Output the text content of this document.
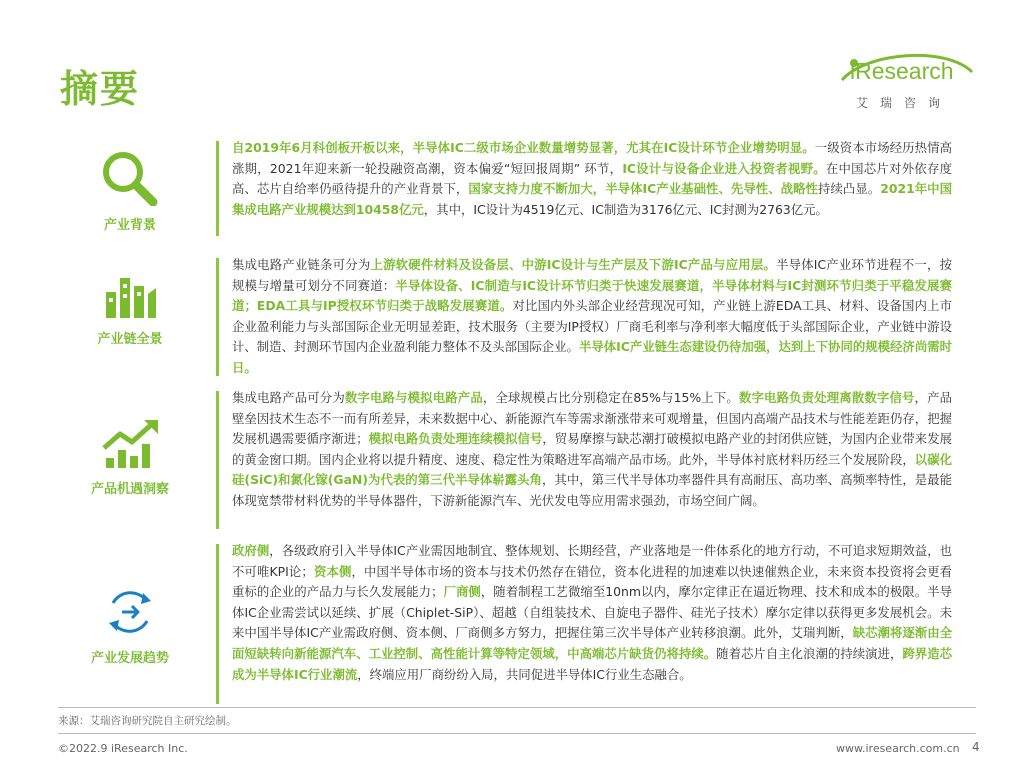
摘要	iResearch
艾瑞咨询
产业背景
自2019年6月科创板开板以来，半导体IC二级市场企业数量增势显著，尤其在IC设计环节企业增势明显。一级资本市场经历热情高涨期，2021年迎来新一轮投融资高潮，资本偏爱“短回报周期” 环节，IC设计与设备企业进入投资者视野。在中国芯片对外依存度高、芯片自给率仍亟待提升的产业背景下，国家支持力度不断加大，半导体IC产业基础性、先导性、战略性持续凸显。2021年中国集成电路产业规模达到10458亿元，其中，IC设计为4519亿元、IC制造为3176亿元、IC封测为2763亿元。
产业链全景
集成电路产业链条可分为上游软硬件材料及设备层、中游IC设计与生产层及下游IC产品与应用层。半导体IC产业环节进程不一，按规模与增量可划分不同赛道：半导体设备、IC制造与IC设计环节归类于快速发展赛道，半导体材料与IC封测环节归类于平稳发展赛道；EDA工具与IP授权环节归类于战略发展赛道。对比国内外头部企业经营现况可知，产业链上游EDA工具、材料、设备国内上市企业盈利能力与头部国际企业无明显差距，技术服务（主要为IP授权）厂商毛利率与净利率大幅度低于头部国际企业，产业链中游设计、制造、封测环节国内企业盈利能力整体不及头部国际企业。半导体IC产业链生态建设仍待加强，达到上下协同的规模经济尚需时日。
产品机遇洞察
集成电路产品可分为数字电路与模拟电路产品，全球规模占比分别稳定在85%与15%上下。数字电路负责处理离散数字信号，产品壁垒因技术生态不一而有所差异，未来数据中心、新能源汽车等需求渐涨带来可观增量，但国内高端产品技术与性能差距仍存，把握发展机遇需要循序渐进；模拟电路负责处理连续模拟信号，贸易摩擦与缺芯潮打破模拟电路产业的封闭供应链，为国内企业带来发展的黄金窗口期。国内企业将以提升精度、速度、稳定性为策略进军高端产品市场。此外，半导体衬底材料历经三个发展阶段，以碳化硅(SiC)和氮化镓(GaN)为代表的第三代半导体崭露头角，其中，第三代半导体功率器件具有高耐压、高功率、高频率特性，是最能体现宽禁带材料优势的半导体器件，下游新能源汽车、光伏发电等应用需求强劲，市场空间广阔。
产业发展趋势
政府侧，各级政府引入半导体IC产业需因地制宜、整体规划、长期经营，产业落地是一件体系化的地方行动，不可追求短期效益，也不可唯KPI论；资本侧，中国半导体市场的资本与技术仍然存在错位，资本化进程的加速难以快速催熟企业，未来资本投资将会更看重标的企业的产品力与长久发展能力；厂商侧，随着制程工艺微缩至10nm以内，摩尔定律正在逼近物理、技术和成本的极限。半导体IC企业需尝试以延续、扩展（Chiplet-SiP）、超越（自组装技术、自旋电子器件、硅光子技术）摩尔定律以获得更多发展机会。未来中国半导体IC产业需政府侧、资本侧、厂商侧多方努力，把握住第三次半导体产业转移浪潮。此外，艾瑞判断，缺芯潮将逐渐由全面短缺转向新能源汽车、工业控制、高性能计算等特定领域，中高端芯片缺货仍将持续。随着芯片自主化浪潮的持续演进，跨界造芯成为半导体IC行业潮流，终端应用厂商纷纷入局，共同促进半导体IC行业生态融合。
来源：艾瑞咨询研究院自主研究绘制。
©2022.9 iResearch Inc.	www.iresearch.com.cn 4
